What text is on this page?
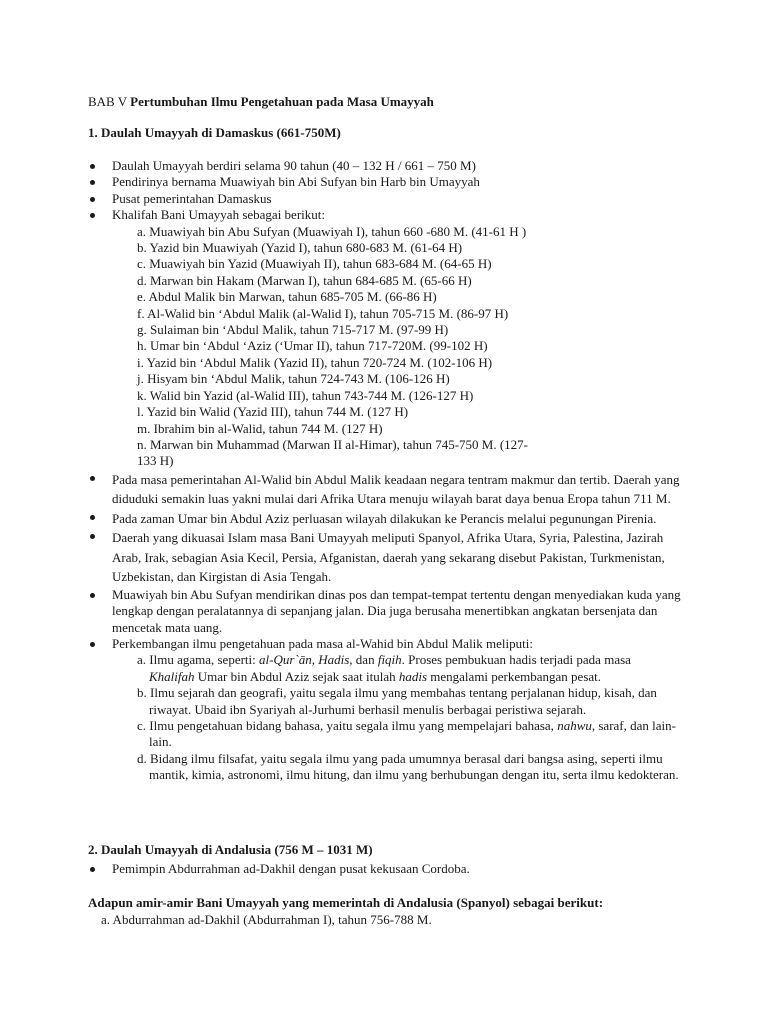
BAB V Pertumbuhan Ilmu Pengetahuan pada Masa Umayyah
1. Daulah Umayyah di Damaskus (661-750M)
Daulah Umayyah berdiri selama 90 tahun (40 – 132 H / 661 – 750 M)
Pendirinya bernama Muawiyah bin Abi Sufyan bin Harb bin Umayyah
Pusat pemerintahan Damaskus
Khalifah Bani Umayyah sebagai berikut:
a. Muawiyah bin Abu Sufyan (Muawiyah I), tahun 660 -680 M. (41-61 H )
b. Yazid bin Muawiyah (Yazid I), tahun 680-683 M. (61-64 H)
c. Muawiyah bin Yazid (Muawiyah II), tahun 683-684 M. (64-65 H)
d. Marwan bin Hakam (Marwan I), tahun 684-685 M. (65-66 H)
e. Abdul Malik bin Marwan, tahun 685-705 M. (66-86 H)
f. Al-Walid bin ‘Abdul Malik (al-Walid I), tahun 705-715 M. (86-97 H)
g. Sulaiman bin ‘Abdul Malik, tahun 715-717 M. (97-99 H)
h. Umar bin ‘Abdul ‘Aziz (‘Umar II), tahun 717-720M. (99-102 H)
i. Yazid bin ‘Abdul Malik (Yazid II), tahun 720-724 M. (102-106 H)
j. Hisyam bin ‘Abdul Malik, tahun 724-743 M. (106-126 H)
k. Walid bin Yazid (al-Walid III), tahun 743-744 M. (126-127 H)
l. Yazid bin Walid (Yazid III), tahun 744 M. (127 H)
m. Ibrahim bin al-Walid, tahun 744 M. (127 H)
n. Marwan bin Muhammad (Marwan II al-Himar), tahun 745-750 M. (127-
133 H)
Pada masa pemerintahan Al-Walid bin Abdul Malik keadaan negara tentram makmur dan tertib. Daerah yang diduduki semakin luas yakni mulai dari Afrika Utara menuju wilayah barat daya benua Eropa tahun 711 M.
Pada zaman Umar bin Abdul Aziz perluasan wilayah dilakukan ke Perancis melalui pegunungan Pirenia.
Daerah yang dikuasai Islam masa Bani Umayyah meliputi Spanyol, Afrika Utara, Syria, Palestina, Jazirah Arab, Irak, sebagian Asia Kecil, Persia, Afganistan, daerah yang sekarang disebut Pakistan, Turkmenistan, Uzbekistan, dan Kirgistan di Asia Tengah.
Muawiyah bin Abu Sufyan mendirikan dinas pos dan tempat-tempat tertentu dengan menyediakan kuda yang lengkap dengan peralatannya di sepanjang jalan. Dia juga berusaha menertibkan angkatan bersenjata dan mencetak mata uang.
Perkembangan ilmu pengetahuan pada masa al-Wahid bin Abdul Malik meliputi:
a. Ilmu agama, seperti: al-Qur`ān, Hadis, dan fiqih. Proses pembukuan hadis terjadi pada masa
Khalifah Umar bin Abdul Aziz sejak saat itulah hadis mengalami perkembangan pesat.
b. Ilmu sejarah dan geografi, yaitu segala ilmu yang membahas tentang perjalanan hidup, kisah, dan riwayat. Ubaid ibn Syariyah al-Jurhumi berhasil menulis berbagai peristiwa sejarah.
c. Ilmu pengetahuan bidang bahasa, yaitu segala ilmu yang mempelajari bahasa, nahwu, saraf, dan lain-lain.
d. Bidang ilmu filsafat, yaitu segala ilmu yang pada umumnya berasal dari bangsa asing, seperti ilmu mantik, kimia, astronomi, ilmu hitung, dan ilmu yang berhubungan dengan itu, serta ilmu kedokteran.
2. Daulah Umayyah di Andalusia (756 M – 1031 M)
Pemimpin Abdurrahman ad-Dakhil dengan pusat kekusaan Cordoba.
Adapun amir-amir Bani Umayyah yang memerintah di Andalusia (Spanyol) sebagai berikut:
a. Abdurrahman ad-Dakhil (Abdurrahman I), tahun 756-788 M.
